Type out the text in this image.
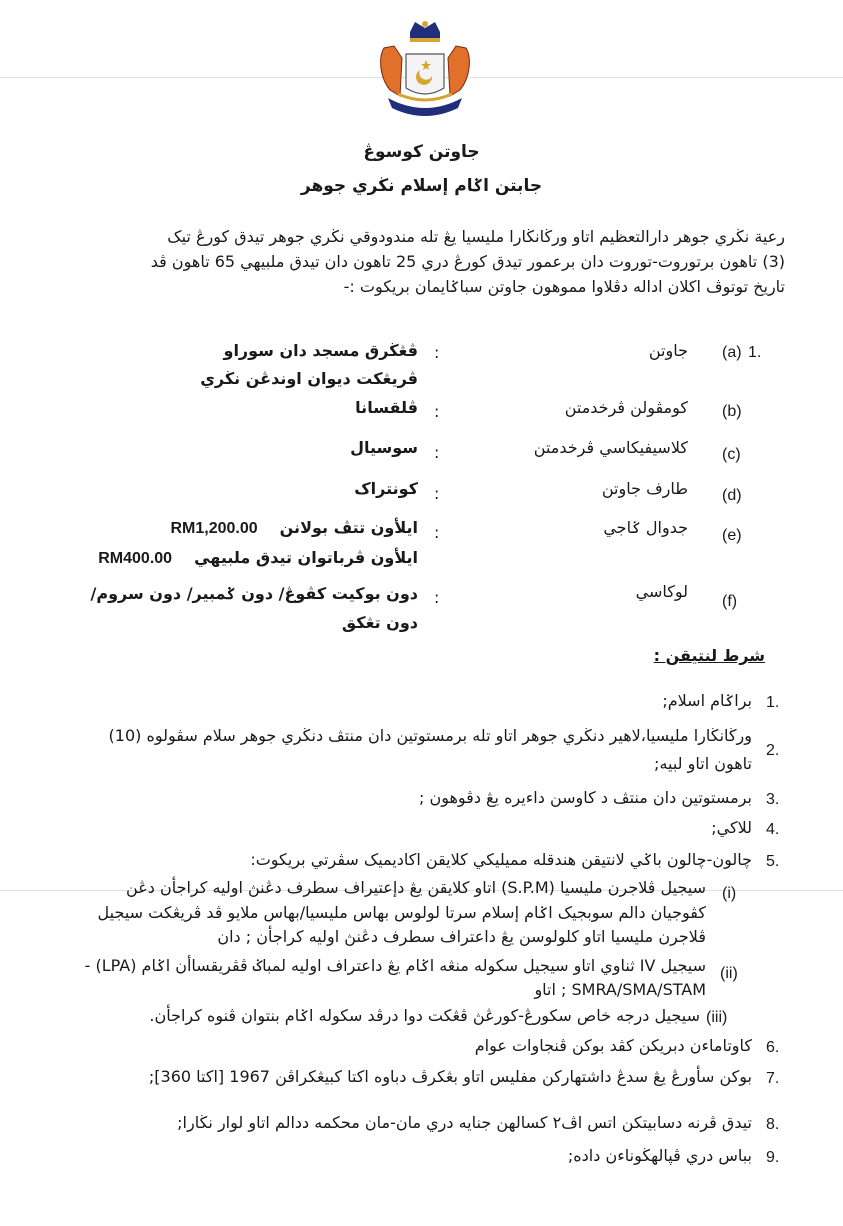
جاوتن کوسوڠ
جابتن اݢام إسلام نڬري جوهر
رعية نڬري جوهر دارالتعظيم اتاو ورڬانڬارا مليسيا يڠ تله مندودوقي نڬري جوهر تيدق کورڠ تيک
(3) تاهون برتوروت-توروت دان برعمور تيدق کورڠ دري 25 تاهون دان تيدق ملبيهي 65 تاهون ڤد
تاريخ توتوڤ اکلان اداله دڤلاوا مموهون جاوتن سباݢايمان بريکوت :-
1.
(a)
جاوتن
:
ڤڠڬرق مسجد دان سوراو
ڤريڠکت ديوان اوندڠن نڬري
(b)
کومڤولن ڤرخدمتن
:
ڤلقسانا
(c)
کلاسيفيکاسي ڤرخدمتن
:
سوسيال
(d)
طارف جاوتن
:
کونتراک
(e)
جدوال ݢاجي
:
ايلأون تتڤ بولانن
RM1,200.00
ايلأون ڤرباتوان تيدق ملبيهي
RM400.00
(f)
لوکاسي
:
دون بوکيت کڤوڠ/ دون ݢمبير/ دون سروم/
دون تڠکق
شرط لنتيقن :
1.
براݢام اسلام;
2.
ورڬانڬارا مليسيا،لاهير دنڬري جوهر اتاو تله برمستوتين دان منتڤ دنڬري جوهر سلام سڤولوه (10)
تاهون اتاو لبيه;
3.
برمستوتين دان منتڤ د کاوسن داءيره يڠ دڤوهون ;
4.
للاکي;
5.
چالون-چالون باݢي لانتيقن هندقله مميليکي کلايقن اکاديميک سڤرتي بريکوت:
(i)
سيجيل ڤلاجرن مليسيا (S.P.M) اتاو کلايقن يڠ دإعتيراف سطرف دڠنڽ اوليه کراجأن دڠن
کڤوجيان دالم سوبجيک اݢام إسلام سرتا لولوس بهاس مليسيا/بهاس ملايو ڤد ڤريڠکت سيجيل
ڤلاجرن مليسيا اتاو کلولوسن يڠ داعتراف سطرف دڠنڽ اوليه کراجأن ; دان
(ii)
سيجيل IV ثناوي اتاو سيجيل سکوله منڠه اݢام يڠ داعتراف اوليه لمباݢ ڤڤريقساأن اݢام (LPA) -
SMRA/SMA/STAM ; اتاو
(iii)
سيجيل درجه خاص سکورڠ-کورڠڽ ڤڠکت دوا درڤد سکوله اݢام بنتوان ڤنوه کراجأن.
6.
کاوتاماءن دبريکن کڤد بوکن ڤنجاوات عوام
7.
بوکن سأورڠ يڠ سدڠ داشتهارکن مفليس اتاو بڠکرڤ دباوه اکتا کبيڠکراڤن 1967 [اکتا 360];
8.
تيدق ڤرنه دسابيتکن اتس اڤ٢ کسالهن جنايه دري مان-مان محکمه ددالم اتاو لوار نڬارا;
9.
بباس دري ڤڽالهڬوناءن داده;
